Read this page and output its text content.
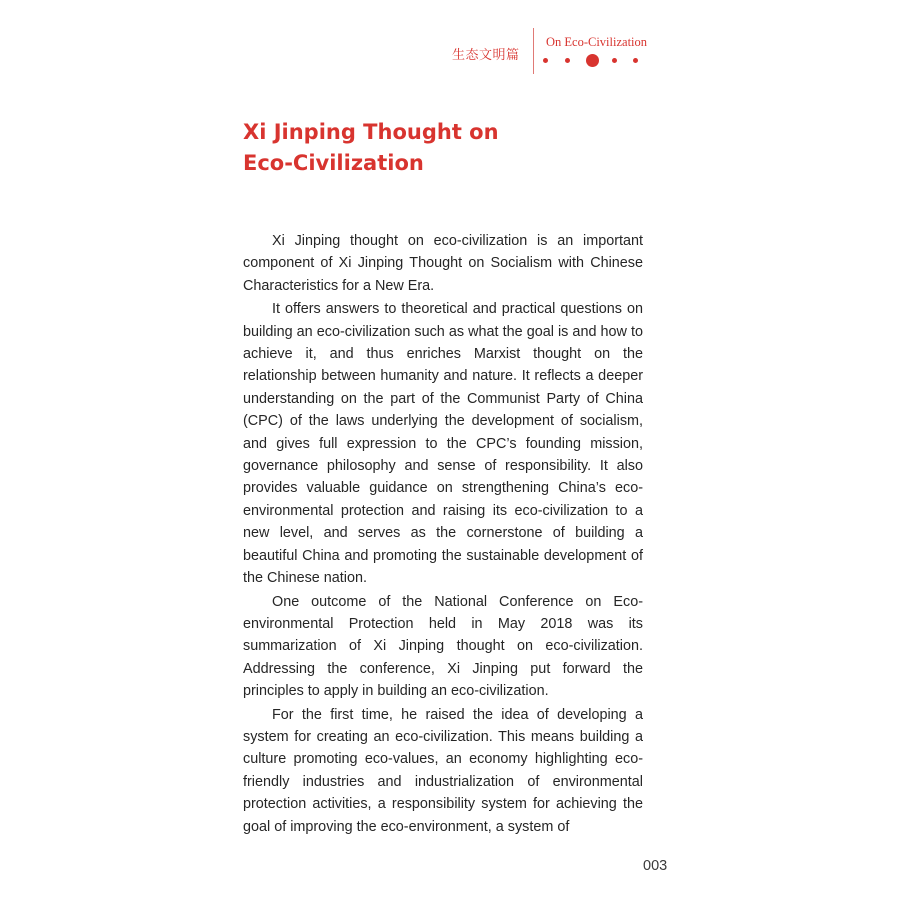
生态文明篇
On Eco-Civilization
Xi Jinping Thought on
Eco-Civilization

Xi Jinping thought on eco-civilization is an important component of Xi Jinping Thought on Socialism with Chinese Characteristics for a New Era.

It offers answers to theoretical and practical questions on building an eco-civilization such as what the goal is and how to achieve it, and thus enriches Marxist thought on the relationship between humanity and nature. It reflects a deeper understanding on the part of the Communist Party of China (CPC) of the laws underlying the development of socialism, and gives full expression to the CPC’s founding mission, governance philosophy and sense of responsibility. It also provides valuable guidance on strengthening China’s eco-environmental protection and raising its eco-civilization to a new level, and serves as the cornerstone of building a beautiful China and promoting the sustainable development of the Chinese nation.

One outcome of the National Conference on Eco-environmental Protection held in May 2018 was its summarization of Xi Jinping thought on eco-civilization. Addressing the conference, Xi Jinping put forward the principles to apply in building an eco-civilization.

For the first time, he raised the idea of developing a system for creating an eco-civilization. This means building a culture promoting eco-values, an economy highlighting eco-friendly industries and industrialization of environmental protection activities, a responsibility system for achieving the goal of improving the eco-environment, a system of

003
